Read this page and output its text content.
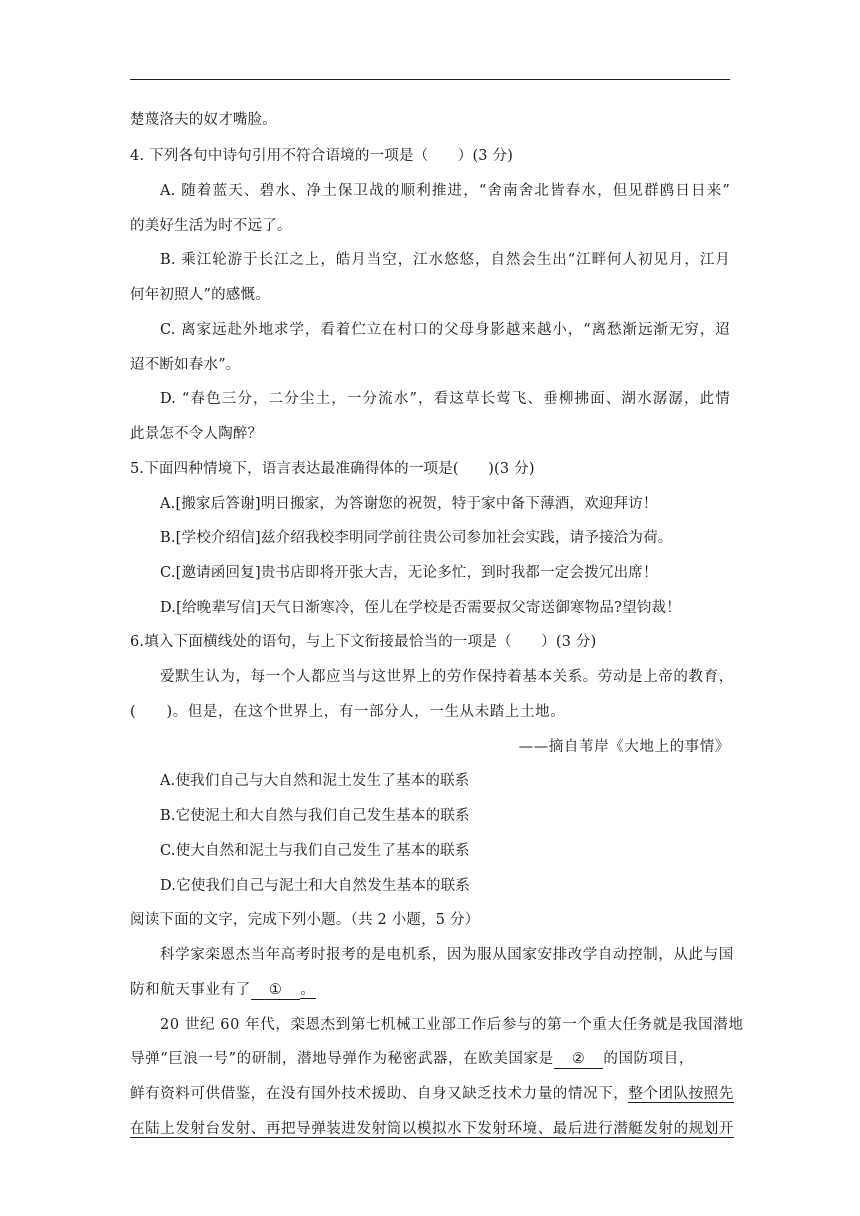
楚蔑洛夫的奴才嘴脸。
4. 下列各句中诗句引用不符合语境的一项是（　　）(3 分)
A. 随着蓝天、碧水、净土保卫战的顺利推进，“舍南舍北皆春水，但见群鸥日日来”
的美好生活为时不远了。
B. 乘江轮游于长江之上，皓月当空，江水悠悠，自然会生出“江畔何人初见月，江月
何年初照人”的感慨。
C. 离家远赴外地求学，看着伫立在村口的父母身影越来越小，“离愁渐远渐无穷，迢
迢不断如春水”。
D. “春色三分，二分尘土，一分流水”，看这草长莺飞、垂柳拂面、湖水潺潺，此情
此景怎不令人陶醉？
5.下面四种情境下，语言表达最准确得体的一项是(　　)(3 分)
A.[搬家后答谢]明日搬家，为答谢您的祝贺，特于家中备下薄酒，欢迎拜访！
B.[学校介绍信]兹介绍我校李明同学前往贵公司参加社会实践，请予接洽为荷。
C.[邀请函回复]贵书店即将开张大吉，无论多忙，到时我都一定会拨冗出席！
D.[给晚辈写信]天气日渐寒冷，侄儿在学校是否需要叔父寄送御寒物品?望钧裁！
6.填入下面横线处的语句，与上下文衔接最恰当的一项是（　　）(3 分)
爱默生认为，每一个人都应当与这世界上的劳作保持着基本关系。劳动是上帝的教育，
(　　)。但是，在这个世界上，有一部分人，一生从未踏上土地。
——摘自苇岸《大地上的事情》
A.使我们自己与大自然和泥土发生了基本的联系
B.它使泥土和大自然与我们自己发生基本的联系
C.使大自然和泥土与我们自己发生了基本的联系
D.它使我们自己与泥土和大自然发生基本的联系
阅读下面的文字，完成下列小题。（共 2 小题，5 分）
科学家栾恩杰当年高考时报考的是电机系，因为服从国家安排改学自动控制，从此与国
防和航天事业有了 ① 。
20 世纪 60 年代，栾恩杰到第七机械工业部工作后参与的第一个重大任务就是我国潜地
导弹“巨浪一号”的研制，潜地导弹作为秘密武器，在欧美国家是 ② 的国防项目，
鲜有资料可供借鉴，在没有国外技术援助、自身又缺乏技术力量的情况下，整个团队按照先
在陆上发射台发射、再把导弹装进发射筒以模拟水下发射环境、最后进行潜艇发射的规划开
